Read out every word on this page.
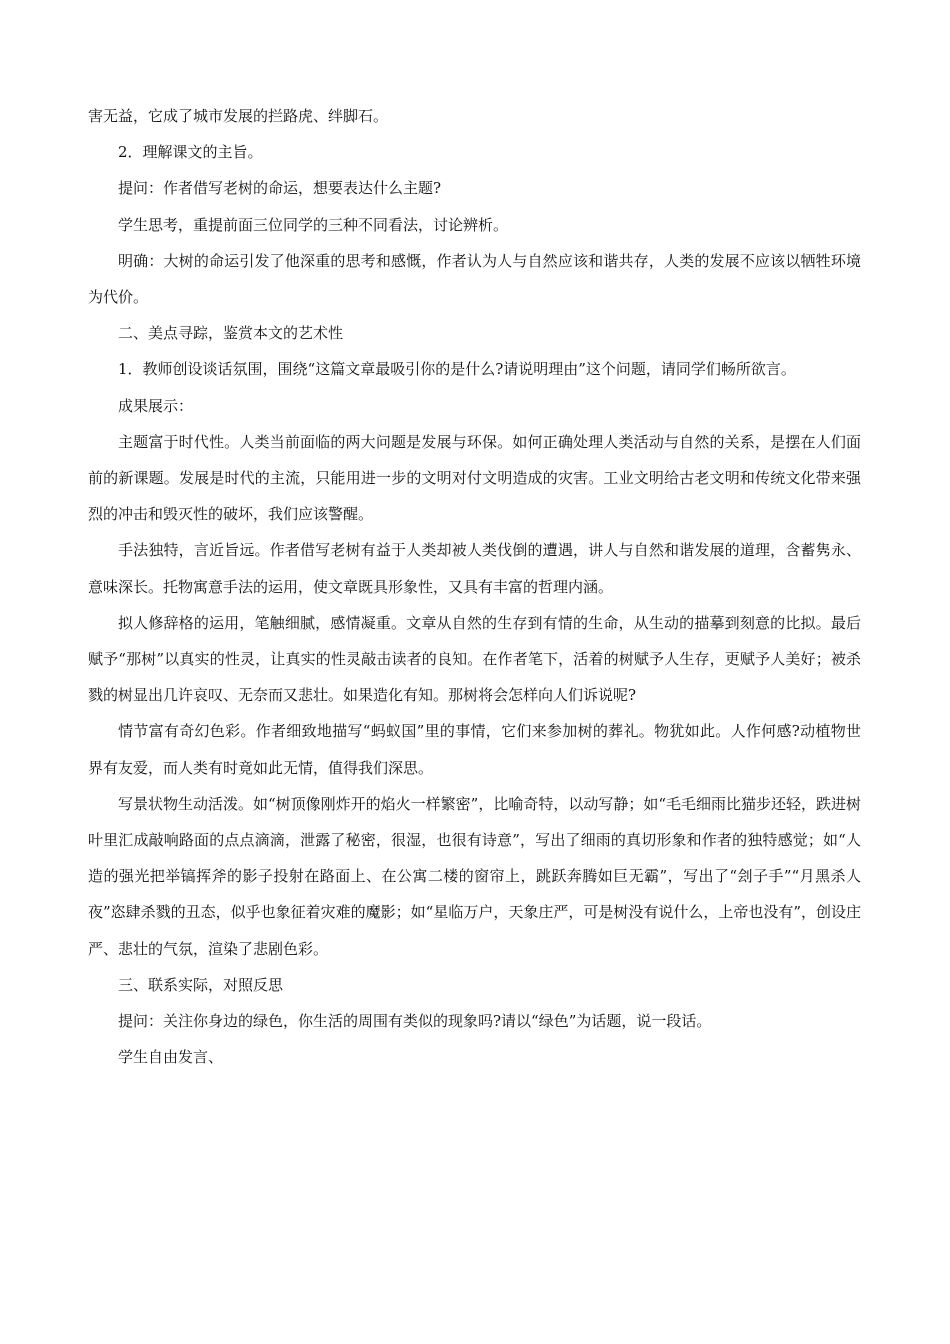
害无益，它成了城市发展的拦路虎、绊脚石。

2．理解课文的主旨。

提问：作者借写老树的命运，想要表达什么主题?

学生思考，重提前面三位同学的三种不同看法，讨论辨析。

明确：大树的命运引发了他深重的思考和感慨，作者认为人与自然应该和谐共存，人类的发展不应该以牺牲环境为代价。

二、美点寻踪，鉴赏本文的艺术性

1．教师创设谈话氛围，围绕“这篇文章最吸引你的是什么?请说明理由”这个问题，请同学们畅所欲言。

成果展示：

主题富于时代性。人类当前面临的两大问题是发展与环保。如何正确处理人类活动与自然的关系，是摆在人们面前的新课题。发展是时代的主流，只能用进一步的文明对付文明造成的灾害。工业文明给古老文明和传统文化带来强烈的冲击和毁灭性的破坏，我们应该警醒。

手法独特，言近旨远。作者借写老树有益于人类却被人类伐倒的遭遇，讲人与自然和谐发展的道理，含蓄隽永、意味深长。托物寓意手法的运用，使文章既具形象性，又具有丰富的哲理内涵。

拟人修辞格的运用，笔触细腻，感情凝重。文章从自然的生存到有情的生命，从生动的描摹到刻意的比拟。最后赋予“那树”以真实的性灵，让真实的性灵敲击读者的良知。在作者笔下，活着的树赋予人生存，更赋予人美好；被杀戮的树显出几许哀叹、无奈而又悲壮。如果造化有知。那树将会怎样向人们诉说呢?

情节富有奇幻色彩。作者细致地描写“蚂蚁国”里的事情，它们来参加树的葬礼。物犹如此。人作何感?动植物世界有友爱，而人类有时竟如此无情，值得我们深思。

写景状物生动活泼。如“树顶像刚炸开的焰火一样繁密”，比喻奇特，以动写静；如“毛毛细雨比猫步还轻，跌进树叶里汇成敲响路面的点点滴滴，泄露了秘密，很湿，也很有诗意”，写出了细雨的真切形象和作者的独特感觉；如“人造的强光把举镐挥斧的影子投射在路面上、在公寓二楼的窗帘上，跳跃奔腾如巨无霸”，写出了“刽子手”“月黑杀人夜”恣肆杀戮的丑态，似乎也象征着灾难的魔影；如“星临万户，天象庄严，可是树没有说什么，上帝也没有”，创设庄严、悲壮的气氛，渲染了悲剧色彩。

三、联系实际，对照反思

提问：关注你身边的绿色，你生活的周围有类似的现象吗?请以“绿色”为话题，说一段话。

学生自由发言、
